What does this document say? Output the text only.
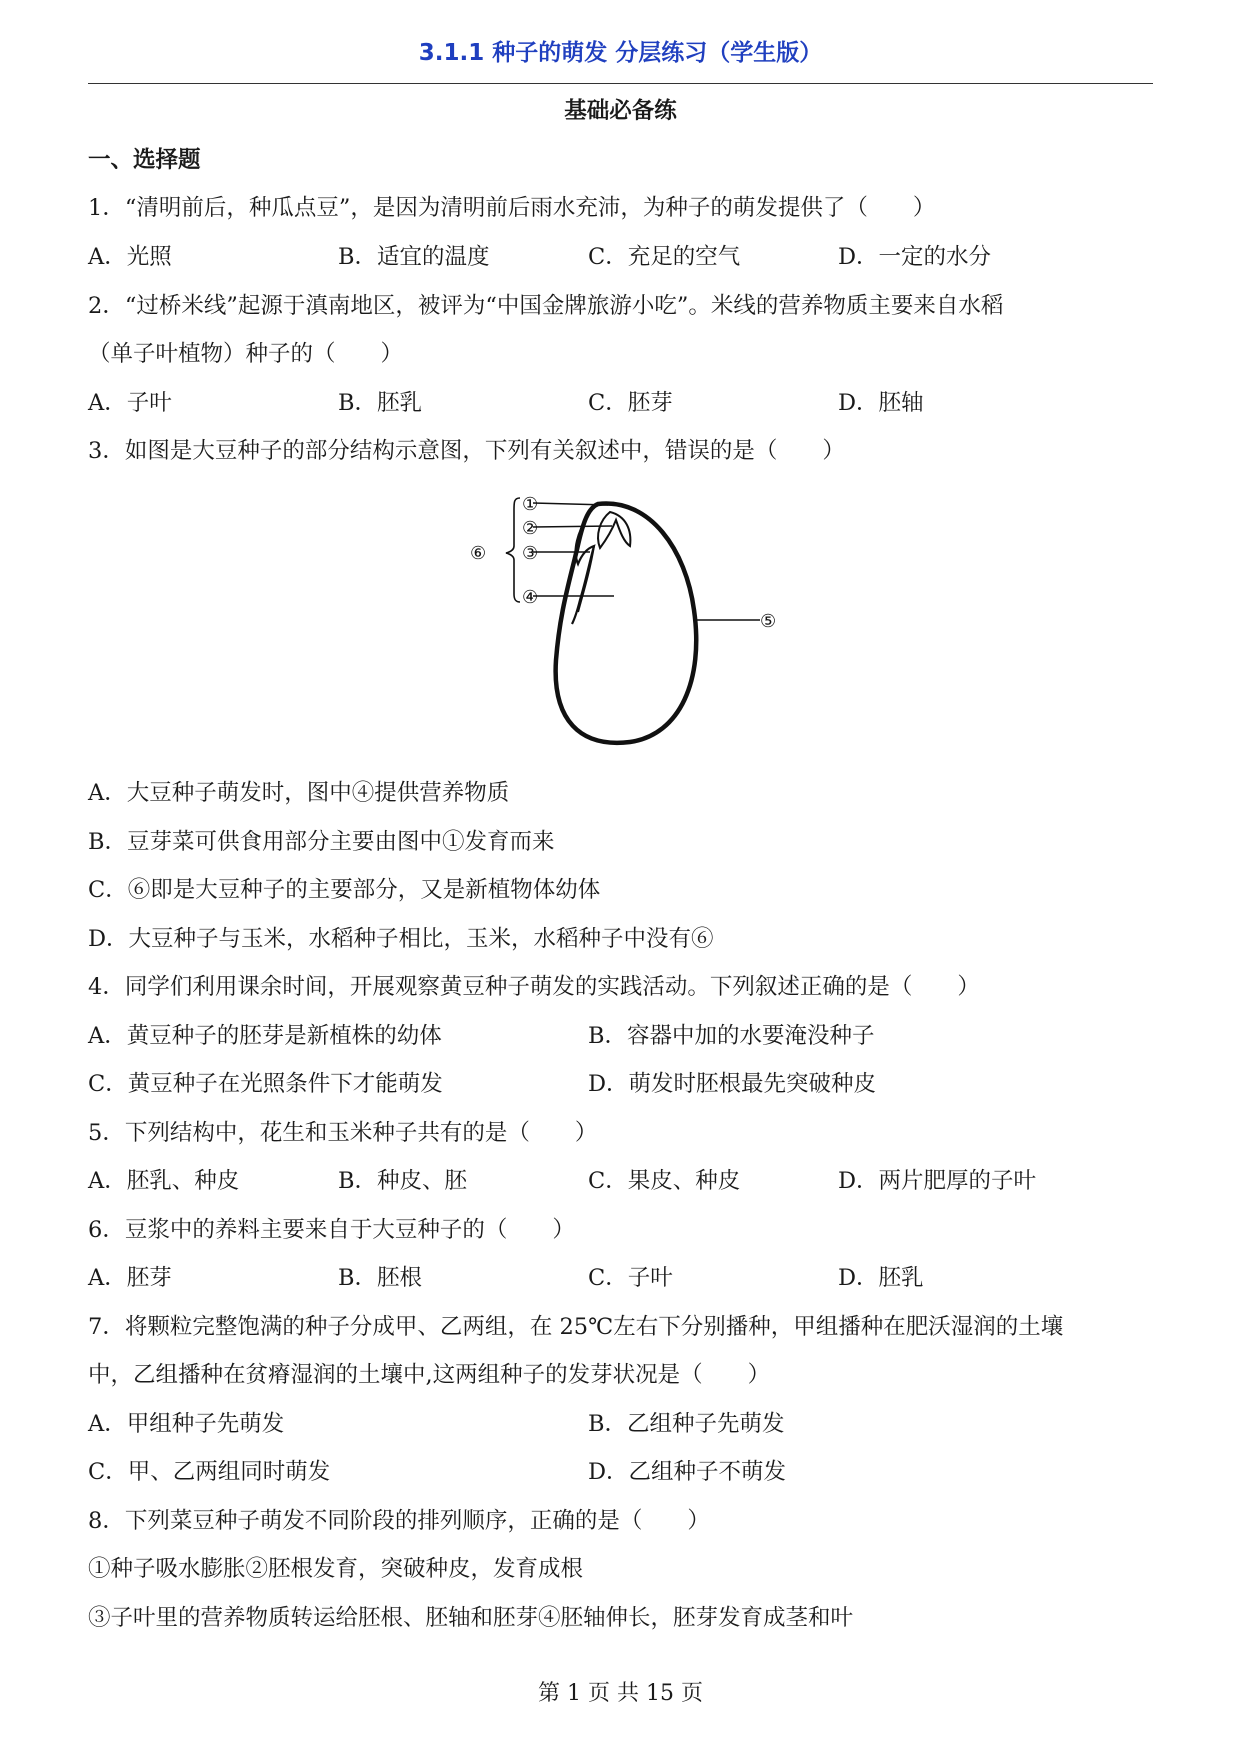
3.1.1 种子的萌发 分层练习（学生版）
基础必备练
一、选择题
1．“清明前后，种瓜点豆”，是因为清明前后雨水充沛，为种子的萌发提供了（　　）
A．光照	B．适宜的温度	C．充足的空气	D．一定的水分
2．“过桥米线”起源于滇南地区，被评为“中国金牌旅游小吃”。米线的营养物质主要来自水稻
（单子叶植物）种子的（　　）
A．子叶	B．胚乳	C．胚芽	D．胚轴
3．如图是大豆种子的部分结构示意图，下列有关叙述中，错误的是（　　）
①
②
③
④
⑤
⑥
A．大豆种子萌发时，图中④提供营养物质
B．豆芽菜可供食用部分主要由图中①发育而来
C．⑥即是大豆种子的主要部分，又是新植物体幼体
D．大豆种子与玉米，水稻种子相比，玉米，水稻种子中没有⑥
4．同学们利用课余时间，开展观察黄豆种子萌发的实践活动。下列叙述正确的是（　　）
A．黄豆种子的胚芽是新植株的幼体	B．容器中加的水要淹没种子
C．黄豆种子在光照条件下才能萌发	D．萌发时胚根最先突破种皮
5．下列结构中，花生和玉米种子共有的是（　　）
A．胚乳、种皮	B．种皮、胚	C．果皮、种皮	D．两片肥厚的子叶
6．豆浆中的养料主要来自于大豆种子的（　　）
A．胚芽	B．胚根	C．子叶	D．胚乳
7．将颗粒完整饱满的种子分成甲、乙两组，在 25℃左右下分别播种，甲组播种在肥沃湿润的土壤
中，乙组播种在贫瘠湿润的土壤中,这两组种子的发芽状况是（　　）
A．甲组种子先萌发	B．乙组种子先萌发
C．甲、乙两组同时萌发	D．乙组种子不萌发
8．下列菜豆种子萌发不同阶段的排列顺序，正确的是（　　）
①种子吸水膨胀②胚根发育，突破种皮，发育成根
③子叶里的营养物质转运给胚根、胚轴和胚芽④胚轴伸长，胚芽发育成茎和叶
第 1 页 共 15 页
